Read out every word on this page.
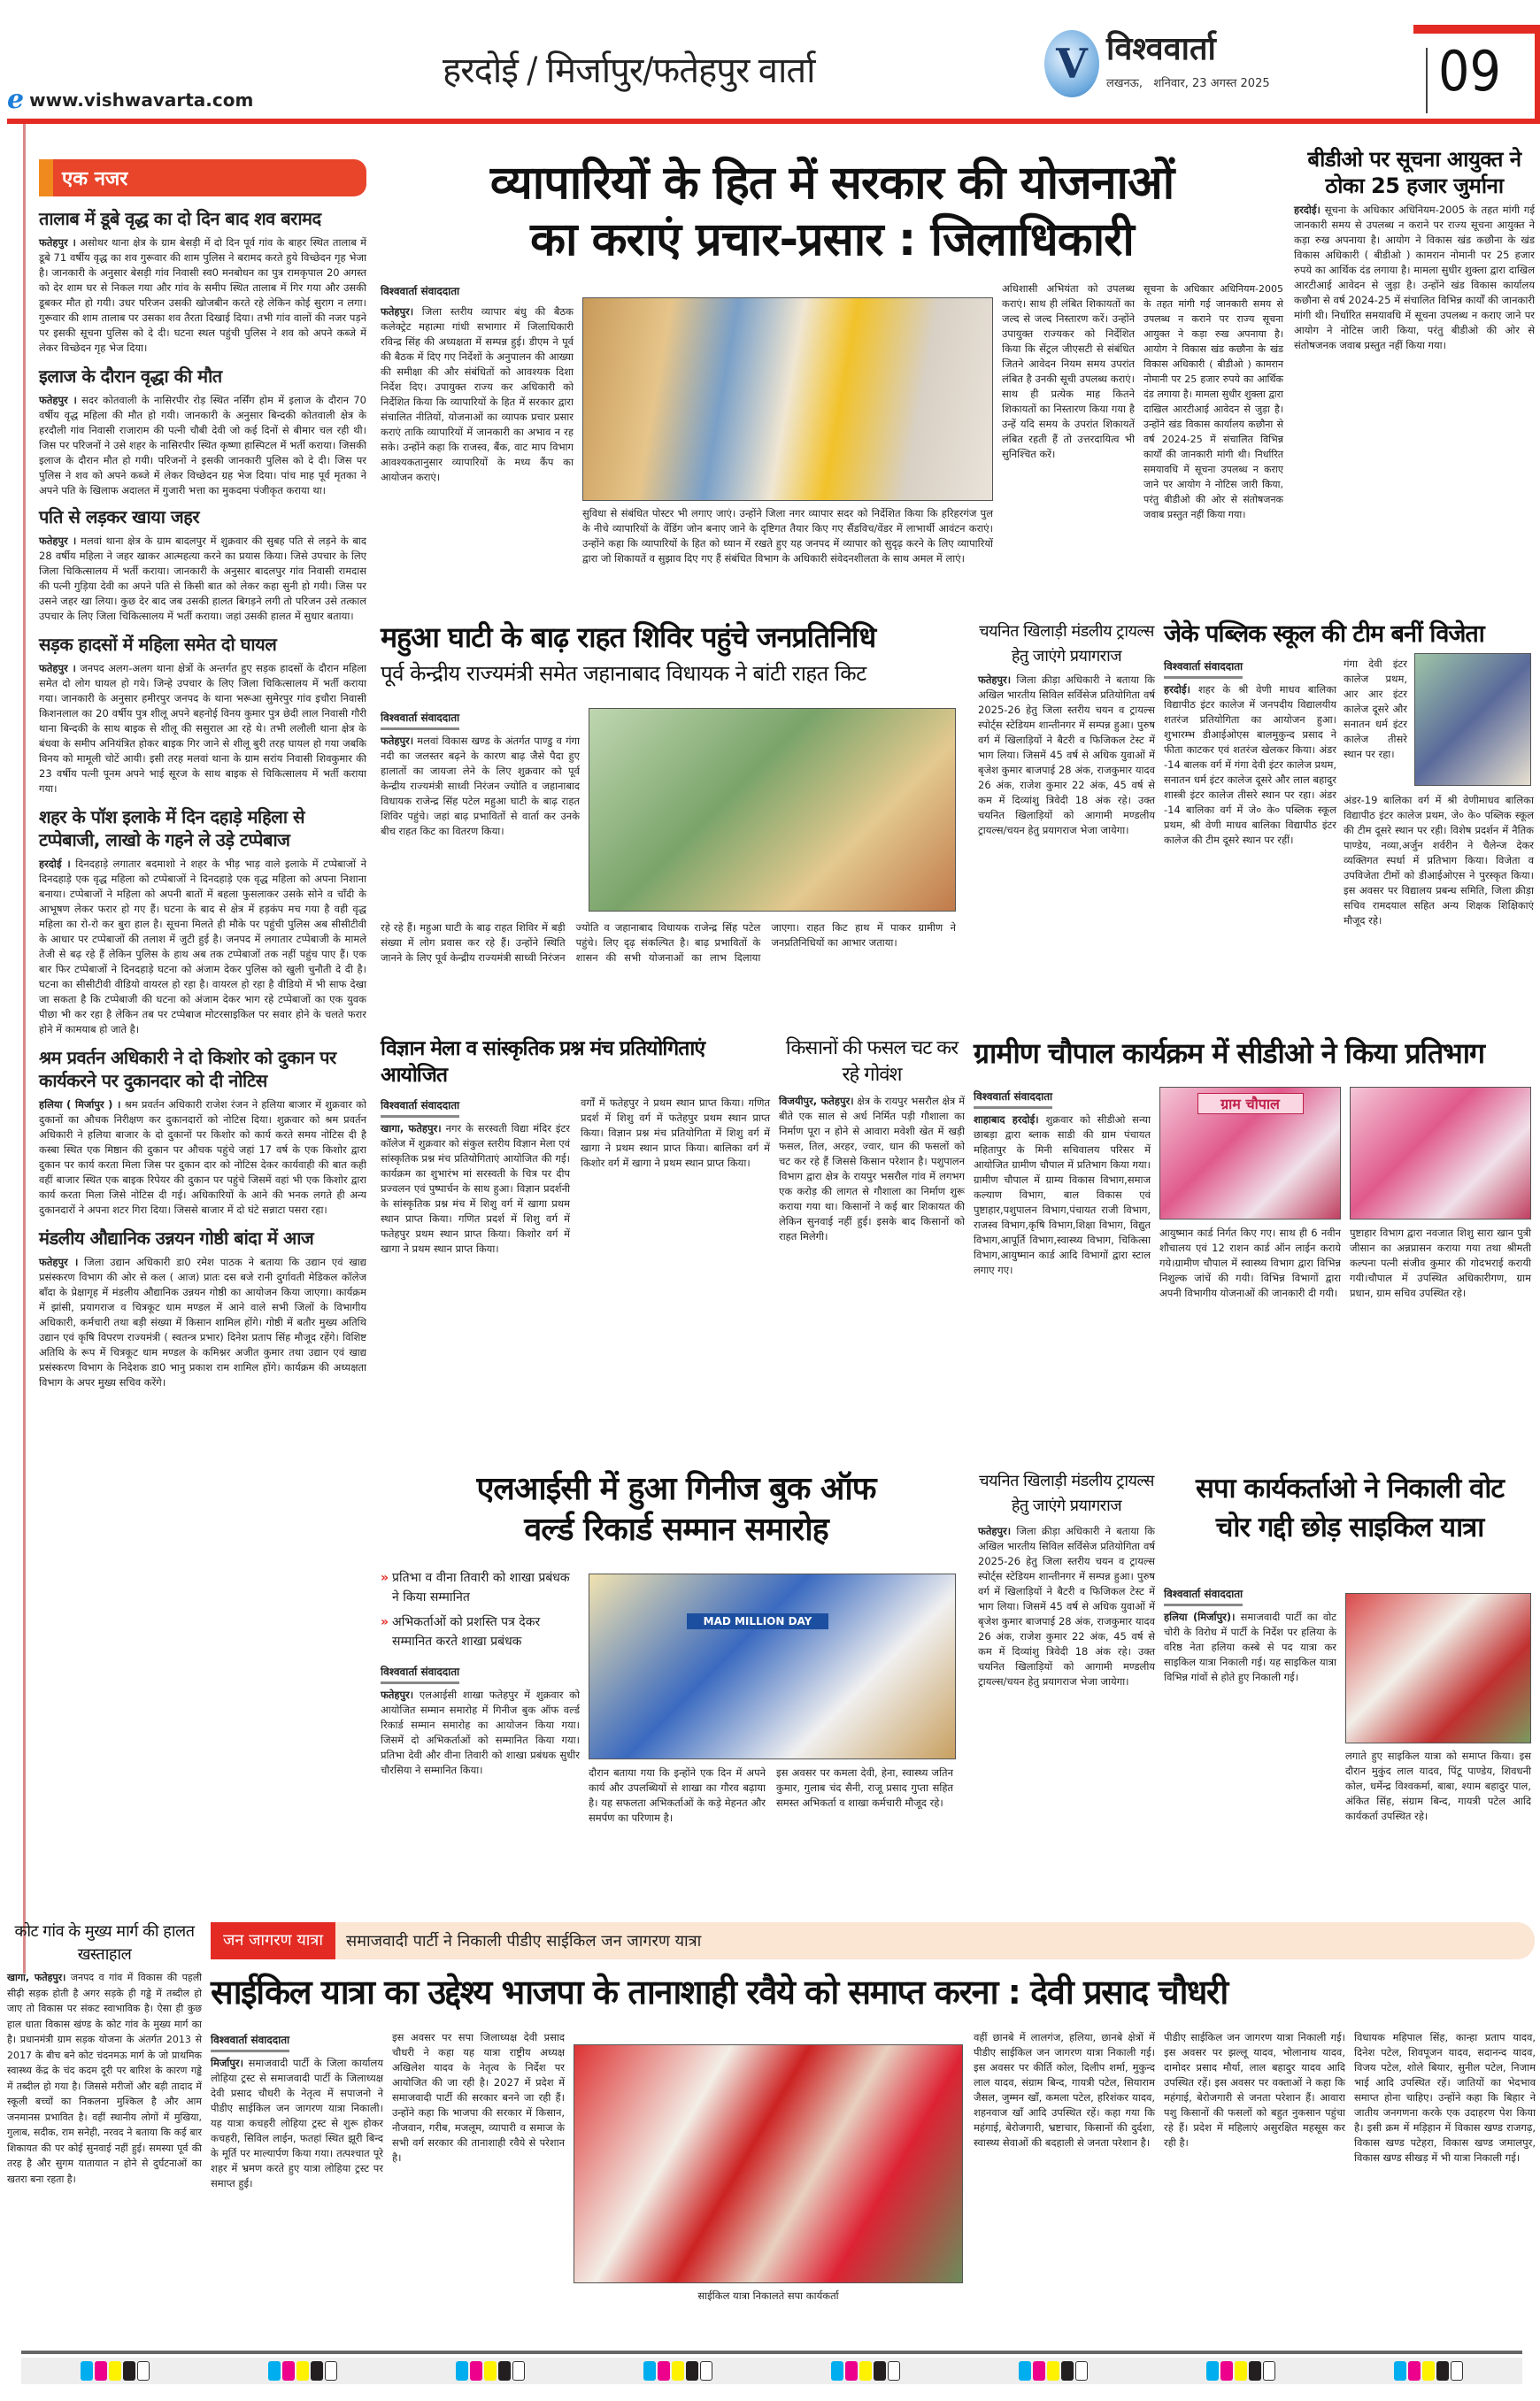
e www.vishwavarta.com
हरदोई / मिर्जापुर/फतेहपुर वार्ता	V विश्ववार्ता
लखनऊ,   शनिवार, 23 अगस्त 2025	09
एक नजर
तालाब में डूबे वृद्ध का दो दिन बाद शव बरामद
फतेहपुर । असोथर थाना क्षेत्र के ग्राम बेसड़ी में दो दिन पूर्व गांव के बाहर स्थित तालाब में डूबे 71 वर्षीय वृद्ध का शव गुरूवार की शाम पुलिस ने बरामद करते हुये विच्छेदन गृह भेजा है। जानकारी के अनुसार बेसड़ी गांव निवासी स्व0 मनबोधन का पुत्र रामकृपाल 20 अगस्त को देर शाम घर से निकल गया और गांव के समीप स्थित तालाब में गिर गया और उसकी डूबकर मौत हो गयी। उधर परिजन उसकी खोजबीन करते रहे लेकिन कोई सुराग न लगा। गुरूवार की शाम तालाब पर उसका शव तैरता दिखाई दिया। तभी गांव वालों की नजर पड़ने पर इसकी सूचना पुलिस को दे दी। घटना स्थल पहुंची पुलिस ने शव को अपने कब्जे में लेकर विच्छेदन गृह भेज दिया।
इलाज के दौरान वृद्धा की मौत
फतेहपुर । सदर कोतवाली के नासिरपीर रोड़ स्थित नर्सिंग होम में इलाज के दौरान 70 वर्षीय वृद्ध महिला की मौत हो गयी। जानकारी के अनुसार बिन्दकी कोतवाली क्षेत्र के हरदौली गांव निवासी राजाराम की पत्नी चौबी देवी जो कई दिनों से बीमार चल रही थी। जिस पर परिजनों ने उसे शहर के नासिरपीर स्थित कृष्णा हास्पिटल में भर्ती कराया। जिसकी इलाज के दौरान मौत हो गयी। परिजनों ने इसकी जानकारी पुलिस को दे दी। जिस पर पुलिस ने शव को अपने कब्जे में लेकर विच्छेदन ग्रह भेज दिया। पांच माह पूर्व मृतका ने अपने पति के खिलाफ अदालत में गुजारी भत्ता का मुकदमा पंजीकृत कराया था।
पति से लड़कर खाया जहर
फतेहपुर । मलवां थाना क्षेत्र के ग्राम बादलपुर में शुक्रवार की सुबह पति से लड़ने के बाद 28 वर्षीय महिला ने जहर खाकर आत्महत्या करने का प्रयास किया। जिसे उपचार के लिए जिला चिकित्सालय में भर्ती कराया। जानकारी के अनुसार बादलपुर गांव निवासी रामदास की पत्नी गुड़िया देवी का अपने पति से किसी बात को लेकर कहा सुनी हो गयी। जिस पर उसने जहर खा लिया। कुछ देर बाद जब उसकी हालत बिगड़ने लगी तो परिजन उसे तत्काल उपचार के लिए जिला चिकित्सालय में भर्ती कराया। जहां उसकी हालत में सुधार बताया।
सड़क हादसों में महिला समेत दो घायल
फतेहपुर । जनपद अलग-अलग थाना क्षेत्रों के अन्तर्गत हुए सड़क हादसों के दौरान महिला समेत दो लोग घायल हो गये। जिन्हे उपचार के लिए जिला चिकित्सालय में भर्ती कराया गया। जानकारी के अनुसार हमीरपुर जनपद के थाना भरूआ सुमेरपुर गांव इचौरा निवासी किशनलाल का 20 वर्षीय पुत्र शीलू अपने बहनोई विनय कुमार पुत्र छेदी लाल निवासी गौरी थाना बिन्दकी के साथ बाइक से शीलू की ससुराल आ रहे थे। तभी ललौली थाना क्षेत्र के बंधवा के समीप अनियंत्रित होकर बाइक गिर जाने से शीलू बुरी तरह घायल हो गया जबकि विनय को मामूली चोटें आयी। इसी तरह मलवां थाना के ग्राम सरांय निवासी शिवकुमार की 23 वर्षीय पत्नी पूनम अपने भाई सूरज के साथ बाइक से चिकित्सालय में भर्ती कराया गया।
शहर के पॉश इलाके में दिन दहाड़े महिला से टप्पेबाजी, लाखो के गहने ले उड़े टप्पेबाज
हरदोई । दिनदहाड़े लगातार बदमाशो ने शहर के भीड़ भाड़ वाले इलाके में टप्पेबाजों ने दिनदहाड़े एक वृद्ध महिला को टप्पेबाजों ने दिनदहाड़े एक वृद्ध महिला को अपना निशाना बनाया। टप्पेबाजों ने महिला को अपनी बातों में बहला फुसलाकर उसके सोने व चाँदी के आभूषण लेकर फरार हो गए हैं। घटना के बाद से क्षेत्र में हड़कंप मच गया है वही वृद्ध महिला का रो-रो कर बुरा हाल है। सूचना मिलते ही मौके पर पहुंची पुलिस अब सीसीटीवी के आधार पर टप्पेबाजों की तलाश में जुटी हुई है। जनपद में लगातार टप्पेबाजी के मामले तेजी से बढ़ रहे हैं लेकिन पुलिस के हाथ अब तक टप्पेबाजों तक नहीं पहुंच पाए हैं। एक बार फिर टप्पेबाजों ने दिनदहाड़े घटना को अंजाम देकर पुलिस को खुली चुनौती दे दी है। घटना का सीसीटीवी वीडियो वायरल हो रहा है। वायरल हो रहा है वीडियो में भी साफ देखा जा सकता है कि टप्पेबाजी की घटना को अंजाम देकर भाग रहे टप्पेबाजों का एक युवक पीछा भी कर रहा है लेकिन तब पर टप्पेबाज मोटरसाइकिल पर सवार होने के चलते फरार होने में कामयाब हो जाते है।
श्रम प्रवर्तन अधिकारी ने दो किशोर को दुकान पर कार्यकरने पर दुकानदार को दी नोटिस
हलिया ( मिर्जापुर ) । श्रम प्रवर्तन अधिकारी राजेश रंजन ने हलिया बाजार में शुक्रवार को दुकानों का औचक निरीक्षण कर दुकानदारों को नोटिस दिया। शुक्रवार को श्रम प्रवर्तन अधिकारी ने हलिया बाजार के दो दुकानों पर किशोर को कार्य करते समय नोटिस दी है कस्बा स्थित एक मिष्ठान की दुकान पर औचक पहुंचे जहां 17 वर्ष के एक किशोर द्वारा दुकान पर कार्य करता मिला जिस पर दुकान दार को नोटिस देकर कार्यवाही की बात कही वहीं बाजार स्थित एक बाइक रिपेयर की दुकान पर पहुंचे जिसमें वहां भी एक किशोर द्वारा कार्य करता मिला जिसे नोटिस दी गई। अधिकारियों के आने की भनक लगते ही अन्य दुकानदारों ने अपना शटर गिरा दिया। जिससे बाजार में दो घंटे सन्नाटा पसरा रहा।
मंडलीय औद्यानिक उन्नयन गोष्ठी बांदा में आज
फतेहपुर । जिला उद्यान अधिकारी डा0 रमेश पाठक ने बताया कि उद्यान एवं खाद्य प्रसंस्करण विभाग की ओर से कल ( आज) प्रातः दस बजे रानी दुर्गावती मेडिकल कॉलेज बाँदा के प्रेक्षागृह में मंडलीय औद्यानिक उन्नयन गोष्ठी का आयोजन किया जाएगा। कार्यक्रम में झांसी, प्रयागराज व चित्रकूट धाम मण्डल में आने वाले सभी जिलों के विभागीय अधिकारी, कर्मचारी तथा बड़ी संख्या में किसान शामिल होंगे। गोष्ठी में बतौर मुख्य अतिथि उद्यान एवं कृषि विपरण राज्यमंत्री ( स्वतन्त्र प्रभार) दिनेश प्रताप सिंह मौजूद रहेंगे। विशिष्ट अतिथि के रूप में चित्रकूट धाम मण्डल के कमिश्नर अजीत कुमार तथा उद्यान एवं खाद्य प्रसंस्करण विभाग के निदेशक डा0 भानु प्रकाश राम शामिल होंगे। कार्यक्रम की अध्यक्षता विभाग के अपर मुख्य सचिव करेंगे।
व्यापारियों के हित में सरकार की योजनाओं
का कराएं प्रचार-प्रसार : जिलाधिकारी
विश्ववार्ता संवाददाता
फतेहपुर। जिला स्तरीय व्यापार बंधु की बैठक कलेक्ट्रेट महात्मा गांधी सभागार में जिलाधिकारी रविन्द्र सिंह की अध्यक्षता में सम्पन्न हुई। डीएम ने पूर्व की बैठक में दिए गए निर्देशों के अनुपालन की आख्या की समीक्षा की और संबंधितों को आवश्यक दिशा निर्देश दिए। उपायुक्त राज्य कर अधिकारी को निर्देशित किया कि व्यापारियों के हित में सरकार द्वारा संचालित नीतियों, योजनाओं का व्यापक प्रचार प्रसार कराएं ताकि व्यापारियों में जानकारी का अभाव न रह सके। उन्होंने कहा कि राजस्व, बैंक, वाट माप विभाग आवश्यकतानुसार व्यापारियों के मध्य कैंप का आयोजन कराएं।
सुविधा से संबंधित पोस्टर भी लगाए जाएं। उन्होंने जिला नगर व्यापार सदर को निर्देशित किया कि हरिहरगंज पुल के नीचे व्यापारियों के वेंडिंग जोन बनाए जाने के दृष्टिगत तैयार किए गए सैंडविच/वेंडर में लाभार्थी आवंटन कराएं। उन्होंने कहा कि व्यापारियों के हित को ध्यान में रखते हुए यह जनपद में व्यापार को सुदृढ़ करने के लिए व्यापारियों द्वारा जो शिकायतें व सुझाव दिए गए हैं संबंधित विभाग के अधिकारी संवेदनशीलता के साथ अमल में लाएं।
अधिशासी अभियंता को उपलब्ध कराएं। साथ ही लंबित शिकायतों का जल्द से जल्द निस्तारण करें। उन्होंने उपायुक्त राज्यकर को निर्देशित किया कि सेंट्रल जीएसटी से संबंधित जितने आवेदन नियम समय उपरांत लंबित है उनकी सूची उपलब्ध कराएं। साथ ही प्रत्येक माह कितने शिकायतों का निस्तारण किया गया है उन्हें यदि समय के उपरांत शिकायतें लंबित रहती हैं तो उत्तरदायित्व भी सुनिश्चित करें।
सूचना के अधिकार अधिनियम-2005 के तहत मांगी गई जानकारी समय से उपलब्ध न कराने पर राज्य सूचना आयुक्त ने कड़ा रुख अपनाया है। आयोग ने विकास खंड कछौना के खंड विकास अधिकारी ( बीडीओ ) कामरान नोमानी पर 25 हजार रुपये का आर्थिक दंड लगाया है। मामला सुधीर शुक्ला द्वारा दाखिल आरटीआई आवेदन से जुड़ा है। उन्होंने खंड विकास कार्यालय कछौना से वर्ष 2024-25 में संचालित विभिन्न कार्यों की जानकारी मांगी थी। निर्धारित समयावधि में सूचना उपलब्ध न कराए जाने पर आयोग ने नोटिस जारी किया, परंतु बीडीओ की ओर से संतोषजनक जवाब प्रस्तुत नहीं किया गया।
बीडीओ पर सूचना आयुक्त ने ठोका 25 हजार जुर्माना
हरदोई। सूचना के अधिकार अधिनियम-2005 के तहत मांगी गई जानकारी समय से उपलब्ध न कराने पर राज्य सूचना आयुक्त ने कड़ा रुख अपनाया है। आयोग ने विकास खंड कछौना के खंड विकास अधिकारी ( बीडीओ ) कामरान नोमानी पर 25 हजार रुपये का आर्थिक दंड लगाया है। मामला सुधीर शुक्ला द्वारा दाखिल आरटीआई आवेदन से जुड़ा है। उन्होंने खंड विकास कार्यालय कछौना से वर्ष 2024-25 में संचालित विभिन्न कार्यों की जानकारी मांगी थी। निर्धारित समयावधि में सूचना उपलब्ध न कराए जाने पर आयोग ने नोटिस जारी किया, परंतु बीडीओ की ओर से संतोषजनक जवाब प्रस्तुत नहीं किया गया।
महुआ घाटी के बाढ़ राहत शिविर पहुंचे जनप्रतिनिधि
पूर्व केन्द्रीय राज्यमंत्री समेत जहानाबाद विधायक ने बांटी राहत किट
विश्ववार्ता संवाददाता
फतेहपुर। मलवां विकास खण्ड के अंतर्गत पाण्डु व गंगा नदी का जलस्तर बढ़ने के कारण बाढ़ जैसे पैदा हुए हालातों का जायजा लेने के लिए शुक्रवार को पूर्व केन्द्रीय राज्यमंत्री साध्वी निरंजन ज्योति व जहानाबाद विधायक राजेन्द्र सिंह पटेल महुआ घाटी के बाढ़ राहत शिविर पहुंचे। जहां बाढ़ प्रभावितों से वार्ता कर उनके बीच राहत किट का वितरण किया।
रहे रहे हैं। महुआ घाटी के बाढ़ राहत शिविर में बड़ी संख्या में लोग प्रवास कर रहे हैं। उन्होंने स्थिति जानने के लिए पूर्व केन्द्रीय राज्यमंत्री साध्वी निरंजन ज्योति व जहानाबाद विधायक राजेन्द्र सिंह पटेल पहुंचे। लिए दृढ़ संकल्पित है। बाढ़ प्रभावितों के शासन की सभी योजनाओं का लाभ दिलाया जाएगा। राहत किट हाथ में पाकर ग्रामीण ने जनप्रतिनिधियों का आभार जताया।
चयनित खिलाड़ी मंडलीय ट्रायल्स हेतु जाएंगे प्रयागराज
फतेहपुर। जिला क्रीड़ा अधिकारी ने बताया कि अखिल भारतीय सिविल सर्विसेज प्रतियोगिता वर्ष 2025-26 हेतु जिला स्तरीय चयन व ट्रायल्स स्पोर्ट्स स्टेडियम शान्तीनगर में सम्पन्न हुआ। पुरुष वर्ग में खिलाड़ियों ने बैटरी व फिजिकल टेस्ट में भाग लिया। जिसमें 45 वर्ष से अधिक युवाओं में बृजेश कुमार बाजपाई 28 अंक, राजकुमार यादव 26 अंक, राजेश कुमार 22 अंक, 45 वर्ष से कम में दिव्यांशु त्रिवेदी 18 अंक रहे। उक्त चयनित खिलाड़ियों को आगामी मण्डलीय ट्रायल्स/चयन हेतु प्रयागराज भेजा जायेगा।
जेके पब्लिक स्कूल की टीम बनीं विजेता
विश्ववार्ता संवाददाता
हरदोई। शहर के श्री वेणी माधव बालिका विद्यापीठ इंटर कालेज में जनपदीय विद्यालयीय शतरंज प्रतियोगिता का आयोजन हुआ। शुभारम्भ डीआईओएस बालमुकुन्द प्रसाद ने फीता काटकर एवं शतरंज खेलकर किया। अंडर -14 बालक वर्ग में गंगा देवी इंटर कालेज प्रथम, सनातन धर्म इंटर कालेज दूसरे और लाल बहादुर शास्त्री इंटर कालेज तीसरे स्थान पर रहा। अंडर -14 बालिका वर्ग में जे० के० पब्लिक स्कूल प्रथम, श्री वेणी माधव बालिका विद्यापीठ इंटर कालेज की टीम दूसरे स्थान पर रहीं।
गंगा देवी इंटर कालेज प्रथम, आर आर इंटर कालेज दूसरे और सनातन धर्म इंटर कालेज तीसरे स्थान पर रहा।
अंडर-19 बालिका वर्ग में श्री वेणीमाधव बालिका विद्यापीठ इंटर कालेज प्रथम, जे० के० पब्लिक स्कूल की टीम दूसरे स्थान पर रही। विशेष प्रदर्शन में नैतिक पाण्डेय, नव्या,अर्जुन शर्वरीन ने चैलेन्ज देकर व्यक्तिगत स्पर्धा में प्रतिभाग किया। विजेता व उपविजेता टीमों को डीआईओएस ने पुरस्कृत किया। इस अवसर पर विद्यालय प्रबन्ध समिति, जिला क्रीड़ा सचिव रामदयाल सहित अन्य शिक्षक शिक्षिकाएं मौजूद रहे।
विज्ञान मेला व सांस्कृतिक प्रश्न मंच प्रतियोगिताएं आयोजित
विश्ववार्ता संवाददाता
खागा, फतेहपुर। नगर के सरस्वती विद्या मंदिर इंटर कॉलेज में शुक्रवार को संकुल स्तरीय विज्ञान मेला एवं सांस्कृतिक प्रश्न मंच प्रतियोगिताएं आयोजित की गई। कार्यक्रम का शुभारंभ मां सरस्वती के चित्र पर दीप प्रज्वलन एवं पुष्पार्चन के साथ हुआ। विज्ञान प्रदर्शनी के सांस्कृतिक प्रश्न मंच में शिशु वर्ग में खागा प्रथम स्थान प्राप्त किया। गणित प्रदर्श में शिशु वर्ग में फतेहपुर प्रथम स्थान प्राप्त किया। किशोर वर्ग में खागा ने प्रथम स्थान प्राप्त किया।
वर्गों में फतेहपुर ने प्रथम स्थान प्राप्त किया। गणित प्रदर्श में शिशु वर्ग में फतेहपुर प्रथम स्थान प्राप्त किया। विज्ञान प्रश्न मंच प्रतियोगिता में शिशु वर्ग में खागा ने प्रथम स्थान प्राप्त किया। बालिका वर्ग में किशोर वर्ग में खागा ने प्रथम स्थान प्राप्त किया।
किसानों की फसल चट कर रहे गोवंश
विजयीपुर, फतेहपुर। क्षेत्र के रायपुर भसरौल क्षेत्र में बीते एक साल से अर्ध निर्मित पड़ी गौशाला का निर्माण पूरा न होने से आवारा मवेशी खेत में खड़ी फसल, तिल, अरहर, ज्वार, धान की फसलों को चट कर रहे हैं जिससे किसान परेशान है। पशुपालन विभाग द्वारा क्षेत्र के रायपुर भसरौल गांव में लगभग एक करोड़ की लागत से गौशाला का निर्माण शुरू कराया गया था। किसानों ने कई बार शिकायत की लेकिन सुनवाई नहीं हुई। इसके बाद किसानों को राहत मिलेगी।
ग्रामीण चौपाल कार्यक्रम में सीडीओ ने किया प्रतिभाग
विश्ववार्ता संवाददाता
शाहाबाद हरदोई। शुक्रवार को सीडीओ सन्या छाबड़ा द्वारा ब्लाक साडी की ग्राम पंचायत महितापुर के मिनी सचिवालय परिसर में आयोजित ग्रामीण चौपाल में प्रतिभाग किया गया। ग्रामीण चौपाल में ग्राम्य विकास विभाग,समाज कल्याण विभाग, बाल विकास एवं पुष्टाहार,पशुपालन विभाग,पंचायत राजी विभाग, राजस्व विभाग,कृषि विभाग,शिक्षा विभाग, विद्युत विभाग,आपूर्ति विभाग,स्वास्थ्य विभाग, चिकित्सा विभाग,आयुष्मान कार्ड आदि विभागों द्वारा स्टाल लगाए गए।
ग्राम चौपाल
आयुष्मान कार्ड निर्गत किए गए। साथ ही 6 नवीन शौचालय एवं 12 राशन कार्ड ऑन लाईन कराये गये।ग्रामीण चौपाल में स्वास्थ्य विभाग द्वारा विभिन्न निशुल्क जांचें की गयी। विभिन्न विभागों द्वारा अपनी विभागीय योजनाओं की जानकारी दी गयी।
पुष्टाहार विभाग द्वारा नवजात शिशु सारा खान पुत्री जीसान का अन्नप्रासन कराया गया तथा श्रीमती कल्पना पत्नी संजीव कुमार की गोदभराई करायी गयी।चौपाल में उपस्थित अधिकारीगण, ग्राम प्रधान, ग्राम सचिव उपस्थित रहे।
एलआईसी में हुआ गिनीज बुक ऑफ
वर्ल्ड रिकार्ड सम्मान समारोह
» प्रतिभा व वीना तिवारी को शाखा प्रबंधक ने किया सम्मानित
» अभिकर्ताओं को प्रशस्ति पत्र देकर सम्मानित करते शाखा प्रबंधक
विश्ववार्ता संवाददाता
फतेहपुर। एलआईसी शाखा फतेहपुर में शुक्रवार को आयोजित सम्मान समारोह में गिनीज बुक ऑफ वर्ल्ड रिकार्ड सम्मान समारोह का आयोजन किया गया। जिसमें दो अभिकर्ताओं को सम्मानित किया गया। प्रतिभा देवी और वीना तिवारी को शाखा प्रबंधक सुधीर चौरसिया ने सम्मानित किया।
MAD MILLION DAY
दौरान बताया गया कि इन्होंने एक दिन में अपने कार्य और उपलब्धियों से शाखा का गौरव बढ़ाया है। यह सफलता अभिकर्ताओं के कड़े मेहनत और समर्पण का परिणाम है।
इस अवसर पर कमला देवी, हेना, स्वास्थ्य जतिन कुमार, गुलाब चंद सैनी, राजू प्रसाद गुप्ता सहित समस्त अभिकर्ता व शाखा कर्मचारी मौजूद रहे।
चयनित खिलाड़ी मंडलीय ट्रायल्स हेतु जाएंगे प्रयागराज
फतेहपुर। जिला क्रीड़ा अधिकारी ने बताया कि अखिल भारतीय सिविल सर्विसेज प्रतियोगिता वर्ष 2025-26 हेतु जिला स्तरीय चयन व ट्रायल्स स्पोर्ट्स स्टेडियम शान्तीनगर में सम्पन्न हुआ। पुरुष वर्ग में खिलाड़ियों ने बैटरी व फिजिकल टेस्ट में भाग लिया। जिसमें 45 वर्ष से अधिक युवाओं में बृजेश कुमार बाजपाई 28 अंक, राजकुमार यादव 26 अंक, राजेश कुमार 22 अंक, 45 वर्ष से कम में दिव्यांशु त्रिवेदी 18 अंक रहे। उक्त चयनित खिलाड़ियों को आगामी मण्डलीय ट्रायल्स/चयन हेतु प्रयागराज भेजा जायेगा।
सपा कार्यकर्ताओ ने निकाली वोट
चोर गद्दी छोड़ साइकिल यात्रा
विश्ववार्ता संवाददाता
हलिया (मिर्जापुर)। समाजवादी पार्टी का वोट चोरी के विरोध में पार्टी के निर्देश पर हलिया के वरिष्ठ नेता हलिया कस्बे से पद यात्रा कर साइकिल यात्रा निकाली गई। यह साइकिल यात्रा विभिन्न गांवों से होते हुए निकाली गई।
लगाते हुए साइकिल यात्रा को समाप्त किया। इस दौरान मुकुंद लाल यादव, पिंटू पाण्डेय, शिवधनी कोल, धर्मेन्द्र विश्वकर्मा, बाबा, श्याम बहादुर पाल, अंकित सिंह, संग्राम बिन्द, गायत्री पटेल आदि कार्यकर्ता उपस्थित रहे।
कोट गांव के मुख्य मार्ग की हालत खस्ताहाल
खागा, फतेहपुर। जनपद व गांव में विकास की पहली सीढ़ी सड़क होती है अगर सड़के ही गड्ढे में तब्दील हो जाए तो विकास पर संकट स्वाभाविक है। ऐसा ही कुछ हाल धाता विकास खंण्ड के कोट गांव के मुख्य मार्ग का है। प्रधानमंत्री ग्राम सड़क योजना के अंतर्गत 2013 से 2017 के बीच बने कोट चंदनमऊ मार्ग के जो प्राथमिक स्वास्थ्य केंद्र के चंद कदम दूरी पर बारिश के कारण गड्ढे में तब्दील हो गया है। जिससे मरीजों और बड़ी तादाद में स्कूली बच्चों का निकलना मुश्किल है और आम जनमानस प्रभावित है। वहीं स्थानीय लोगों में मुखिया, गुलाब, सदीक, राम सनेही, नरवद ने बताया कि कई बार शिकायत की पर कोई सुनवाई नहीं हुई। समस्या पूर्व की तरह है और सुगम यातायात न होने से दुर्घटनाओं का खतरा बना रहता है।
जन जागरण यात्रा	समाजवादी पार्टी ने निकाली पीडीए साईकिल जन जागरण यात्रा
साईकिल यात्रा का उद्देश्य भाजपा के तानाशाही रवैये को समाप्त करना : देवी प्रसाद चौधरी
विश्ववार्ता संवाददाता
मिर्जापुर। समाजवादी पार्टी के जिला कार्यालय लोहिया ट्रस्ट से समाजवादी पार्टी के जिलाध्यक्ष देवी प्रसाद चौधरी के नेतृत्व में सपाजनो ने पीडीए साईकिल जन जागरण यात्रा निकाली। यह यात्रा कचहरी लोहिया ट्रस्ट से शुरू होकर कचहरी, सिविल लाईन, फतहां स्थित झूरी बिन्द के मूर्ति पर माल्यार्पण किया गया। तत्पश्चात पूरे शहर में भ्रमण करते हुए यात्रा लोहिया ट्रस्ट पर समाप्त हुई।
इस अवसर पर सपा जिलाध्यक्ष देवी प्रसाद चौधरी ने कहा यह यात्रा राष्ट्रीय अध्यक्ष अखिलेश यादव के नेतृत्व के निर्देश पर आयोजित की जा रही है। 2027 में प्रदेश में समाजवादी पार्टी की सरकार बनने जा रही हैं। उन्होंने कहा कि भाजपा की सरकार में किसान, नौजवान, गरीब, मजलूम, व्यापारी व समाज के सभी वर्ग सरकार की तानाशाही रवैये से परेशान है।
साईकिल यात्रा निकालते सपा कार्यकर्ता
वहीं छानबे में लालगंज, हलिया, छानबे क्षेत्रों में पीडीए साईकिल जन जागरण यात्रा निकाली गई। इस अवसर पर कीर्ति कोल, दिलीप शर्मा, मुकुन्द लाल यादव, संग्राम बिन्द, गायत्री पटेल, सियाराम जैसल, जुम्मन खाँ, कमला पटेल, हरिशंकर यादव, शहनवाज खाँ आदि उपस्थित रहें। कहा गया कि महंगाई, बेरोजगारी, भ्रष्टाचार, किसानों की दुर्दशा, स्वास्थ्य सेवाओं की बदहाली से जनता परेशान है।
पीडीए साईकिल जन जागरण यात्रा निकाली गई। इस अवसर पर झल्लू यादव, भोलानाथ यादव, दामोदर प्रसाद मौर्या, लाल बहादुर यादव आदि उपस्थित रहें। इस अवसर पर वक्ताओं ने कहा कि महंगाई, बेरोजगारी से जनता परेशान हैं। आवारा पशु किसानों की फसलों को बहुत नुकसान पहुंचा रहे हैं। प्रदेश में महिलाएं असुरक्षित महसूस कर रही है।
विधायक महिपाल सिंह, कान्हा प्रताप यादव, दिनेश पटेल, शिवपूजन यादव, सदानन्द यादव, विजय पटेल, शोले बियार, सुनील पटेल, निजाम भाई आदि उपस्थित रहें। जातियों का भेदभाव समाप्त होना चाहिए। उन्होंने कहा कि बिहार ने जातीय जनगणना करके एक उदाहरण पेश किया है। इसी क्रम में मड़िहान में विकास खण्ड राजगढ़, विकास खण्ड पटेहरा, विकास खण्ड जमालपुर, विकास खण्ड सीखड़ में भी यात्रा निकाली गई।
